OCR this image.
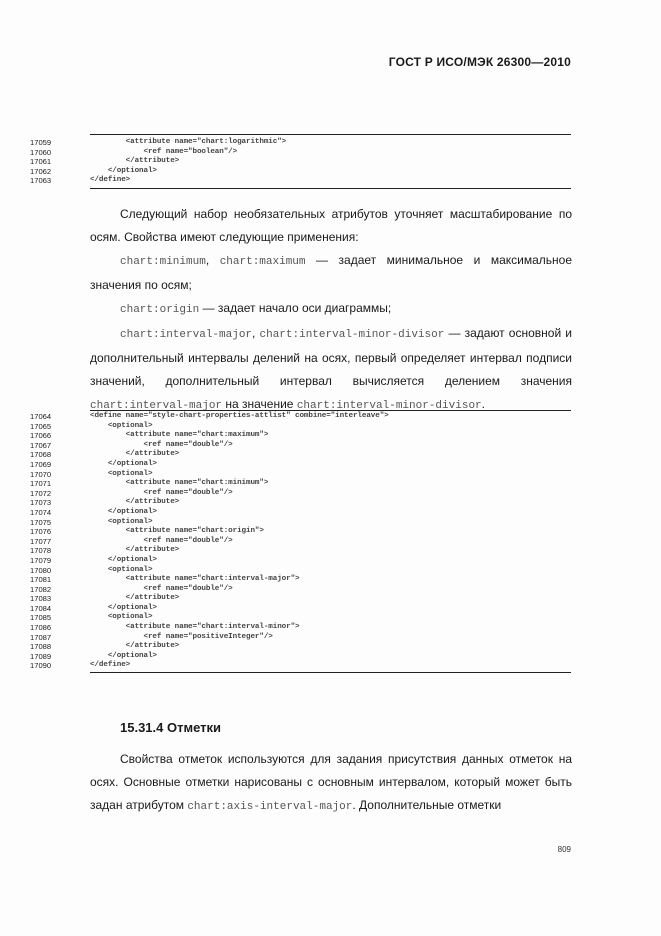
ГОСТ Р ИСО/МЭК 26300—2010
17059	<attribute name="chart:logarithmic">
17060	<ref name="boolean"/>
17061	</attribute>
17062	</optional>
17063	</define>

Следующий набор необязательных атрибутов уточняет масштабирование по осям. Свойства имеют следующие применения:

chart:minimum, chart:maximum — задает минимальное и максимальное значения по осям;

chart:origin — задает начало оси диаграммы;

chart:interval-major, chart:interval-minor-divisor — задают основной и дополнительный интервалы делений на осях, первый определяет интервал подписи значений, дополнительный интервал вычисляется делением значения chart:interval-major на значение chart:interval-minor-divisor.

17064	<define name="style-chart-properties-attlist" combine="interleave">
17065	<optional>
17066	<attribute name="chart:maximum">
17067	<ref name="double"/>
17068	</attribute>
17069	</optional>
17070	<optional>
17071	<attribute name="chart:minimum">
17072	<ref name="double"/>
17073	</attribute>
17074	</optional>
17075	<optional>
17076	<attribute name="chart:origin">
17077	<ref name="double"/>
17078	</attribute>
17079	</optional>
17080	<optional>
17081	<attribute name="chart:interval-major">
17082	<ref name="double"/>
17083	</attribute>
17084	</optional>
17085	<optional>
17086	<attribute name="chart:interval-minor">
17087	<ref name="positiveInteger"/>
17088	</attribute>
17089	</optional>
17090	</define>
15.31.4 Отметки

Свойства отметок используются для задания присутствия данных отметок на осях. Основные отметки нарисованы с основным интервалом, который может быть задан атрибутом chart:axis-interval-major. Дополнительные отметки

809
